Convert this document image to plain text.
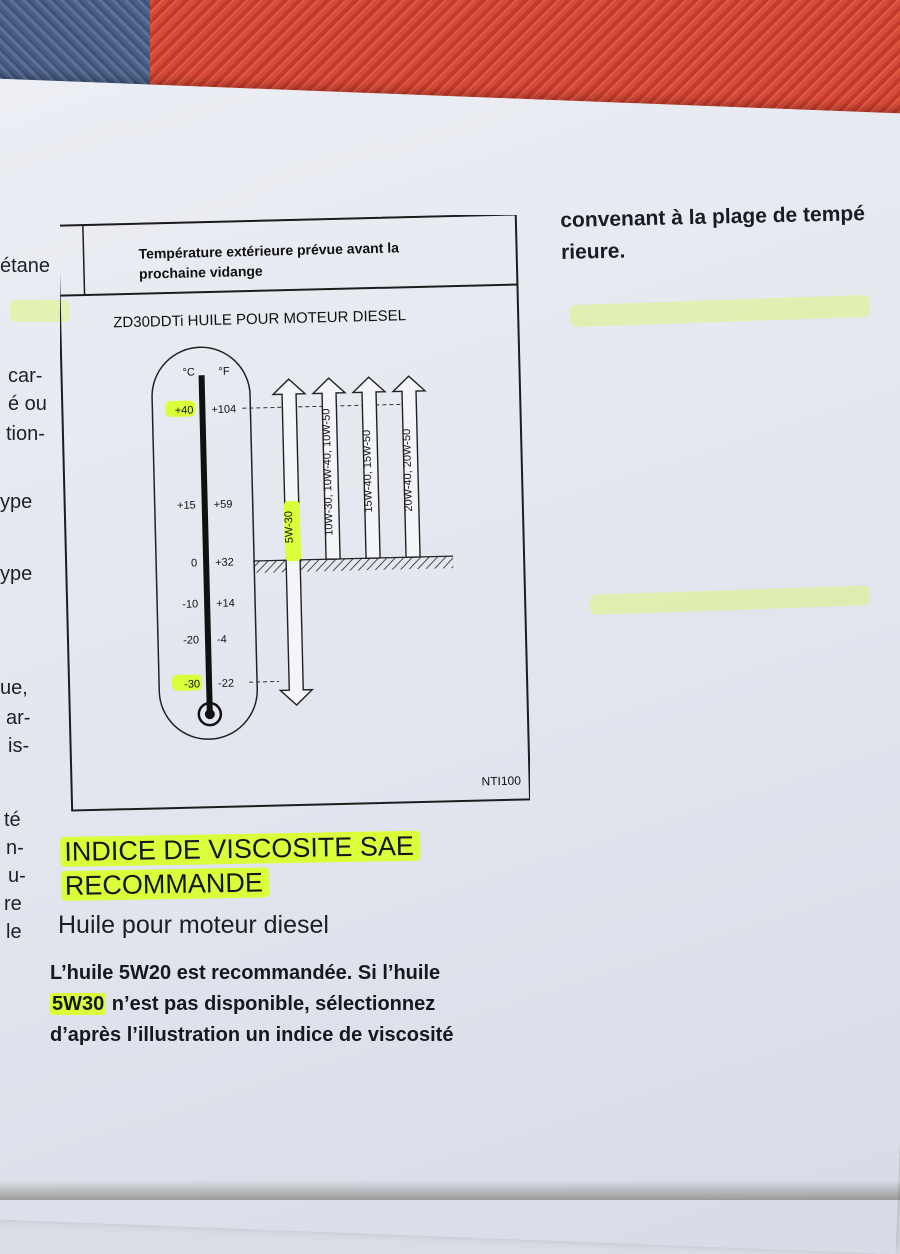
étane
car-
é ou
tion-
ype
ype
ue,
ar-
is-
té
n-
u-
re
le
convenant à la plage de tempé
rieure.
Température extérieure prévue avant la
prochaine vidange
ZD30DDTi HUILE POUR MOTEUR DIESEL
°C °F
+40 +104
+15 +59
0 +32
-10 +14
-20 -4
-30 -22
5W-30 10W-30, 10W-40, 10W-50 15W-40, 15W-50 20W-40, 20W-50
NTI100
INDICE DE VISCOSITE SAE
RECOMMANDE
Huile pour moteur diesel
L’huile 5W20 est recommandée. Si l’huile
5W30 n’est pas disponible, sélectionnez
d’après l’illustration un indice de viscosité
